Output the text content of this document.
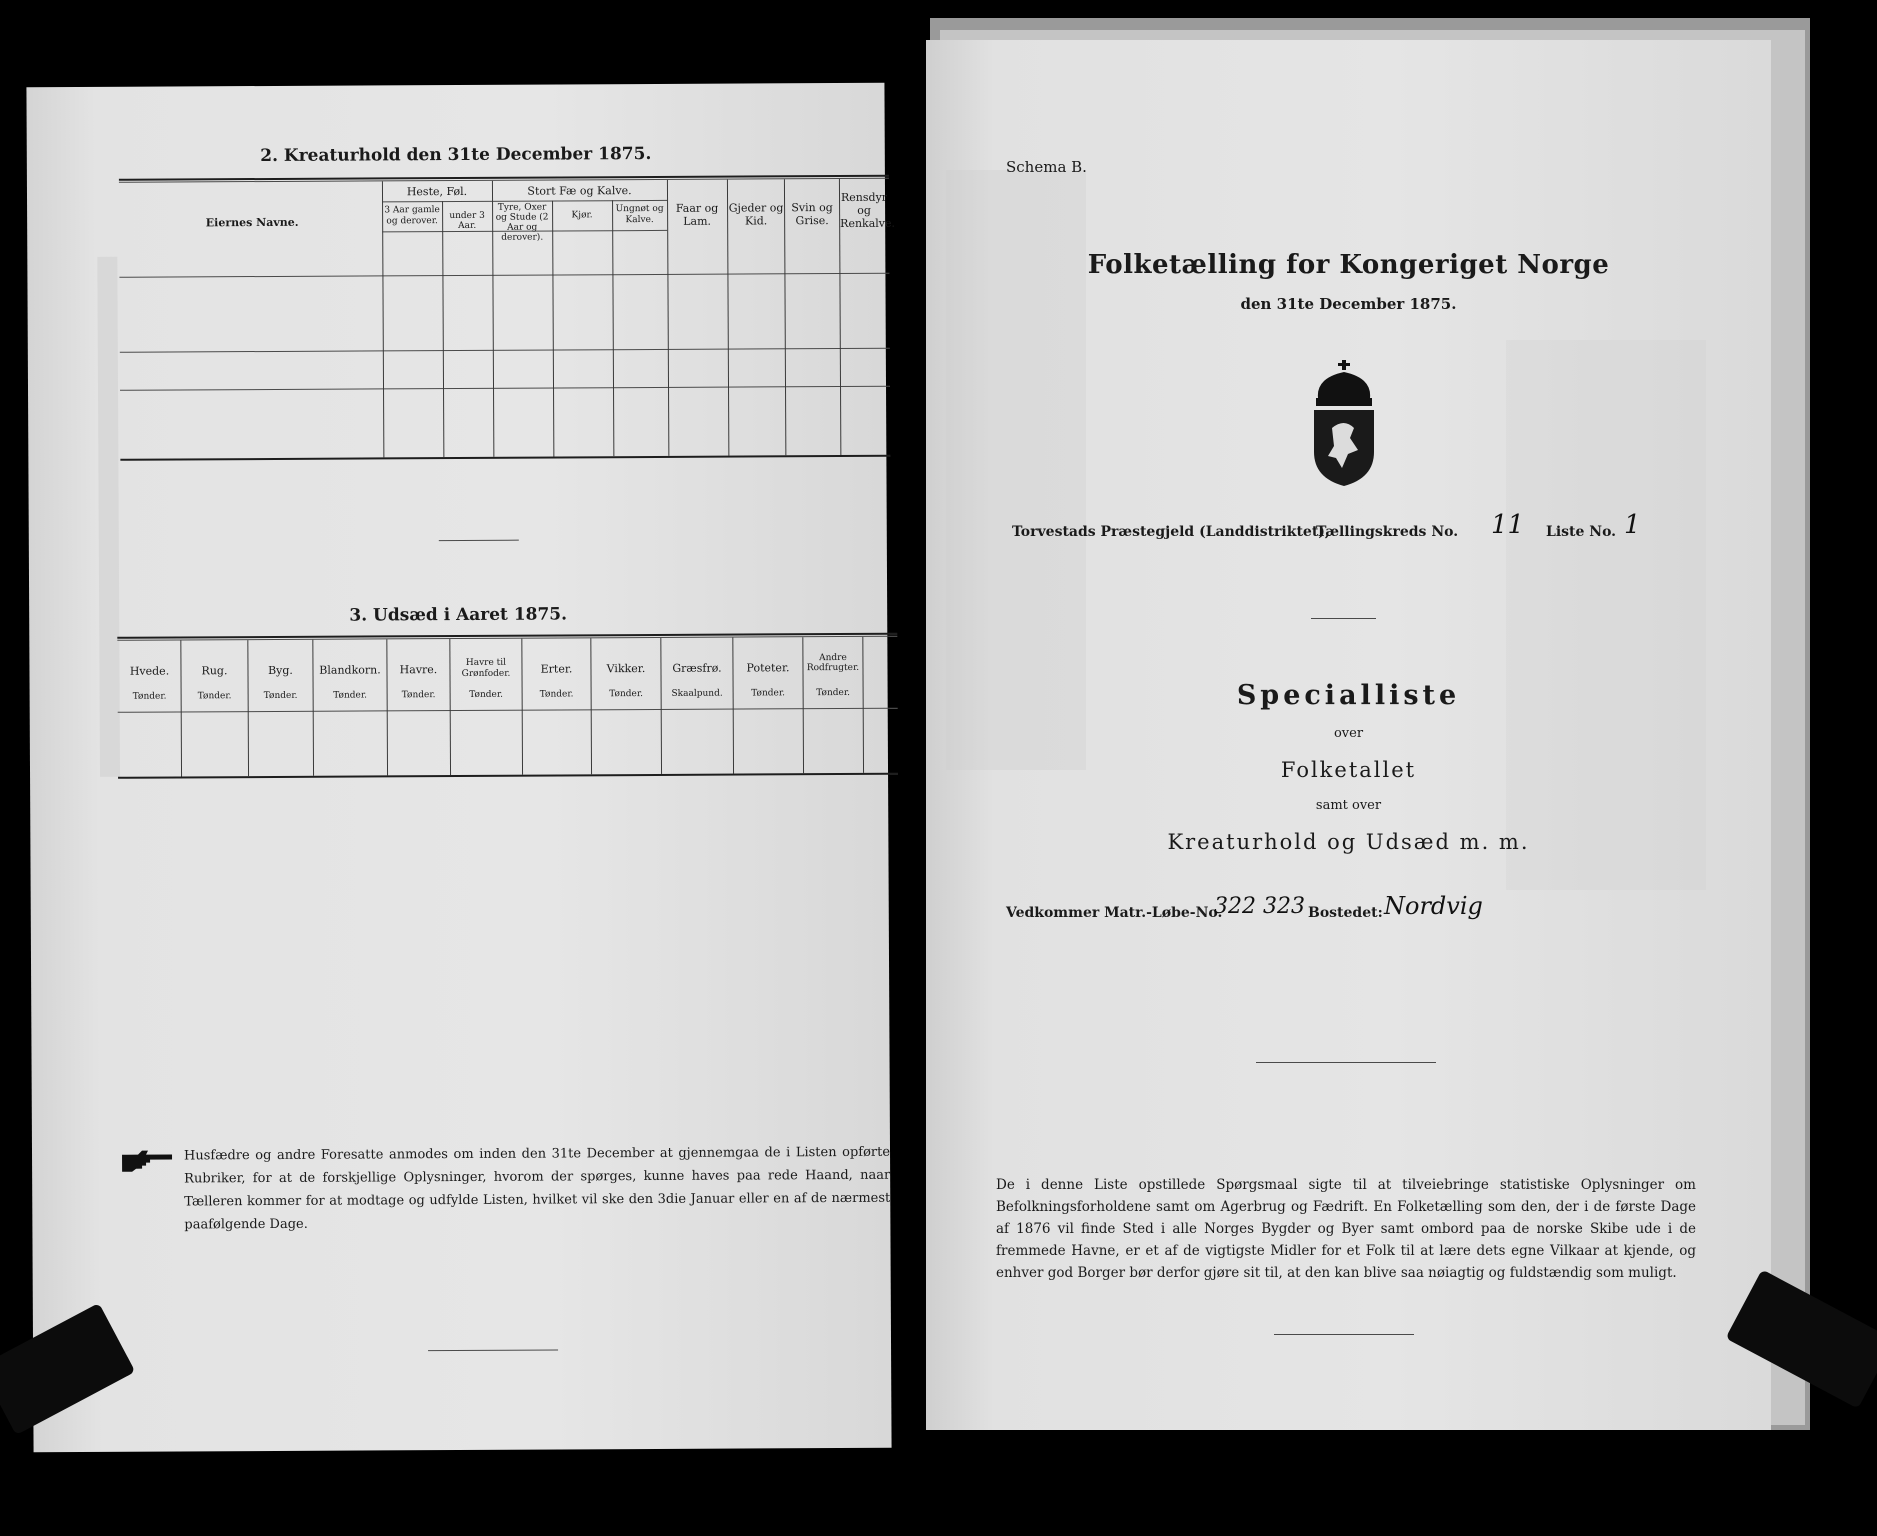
2. Kreaturhold den 31te December 1875.
Eiernes Navne.
Heste, Føl.	Stort Fæ og Kalve.
3 Aar gamle og derover.
under 3 Aar.
Tyre, Oxer og Stude (2 Aar og derover).
Kjør.
Ungnøt og Kalve.
Faar og Lam.
Gjeder og Kid.
Svin og Grise.
Rensdyr og Renkalve.
3. Udsæd i Aaret 1875.
Hvede.
Tønder.
Rug.
Tønder.
Byg.
Tønder.
Blandkorn.
Tønder.
Havre.
Tønder.
Havre til Grønfoder.
Tønder.
Erter.
Tønder.
Vikker.
Tønder.
Græsfrø.
Skaalpund.
Poteter.
Tønder.
Andre Rodfrugter.
Tønder.
Husfædre og andre Foresatte anmodes om inden den 31te December at gjennemgaa de i Listen opførte Rubriker, for at de forskjellige Oplysninger, hvorom der spørges, kunne haves paa rede Haand, naar Tælleren kommer for at modtage og udfylde Listen, hvilket vil ske den 3die Januar eller en af de nærmest paafølgende Dage.
Schema B.
Folketælling for Kongeriget Norge
den 31te December 1875.
Torvestads Præstegjeld (Landdistriktet),
Tællingskreds No. 11 Liste No. 1
Specialliste
over
Folketallet
samt over
Kreaturhold og Udsæd m. m.
Vedkommer Matr.-Løbe-No.
322 323 Bostedet: Nordvig
De i denne Liste opstillede Spørgsmaal sigte til at tilveiebringe statistiske Oplysninger om Befolkningsforholdene samt om Agerbrug og Fædrift. En Folketælling som den, der i de første Dage af 1876 vil finde Sted i alle Norges Bygder og Byer samt ombord paa de norske Skibe ude i de fremmede Havne, er et af de vigtigste Midler for et Folk til at lære dets egne Vilkaar at kjende, og enhver god Borger bør derfor gjøre sit til, at den kan blive saa nøiagtig og fuldstændig som muligt.
